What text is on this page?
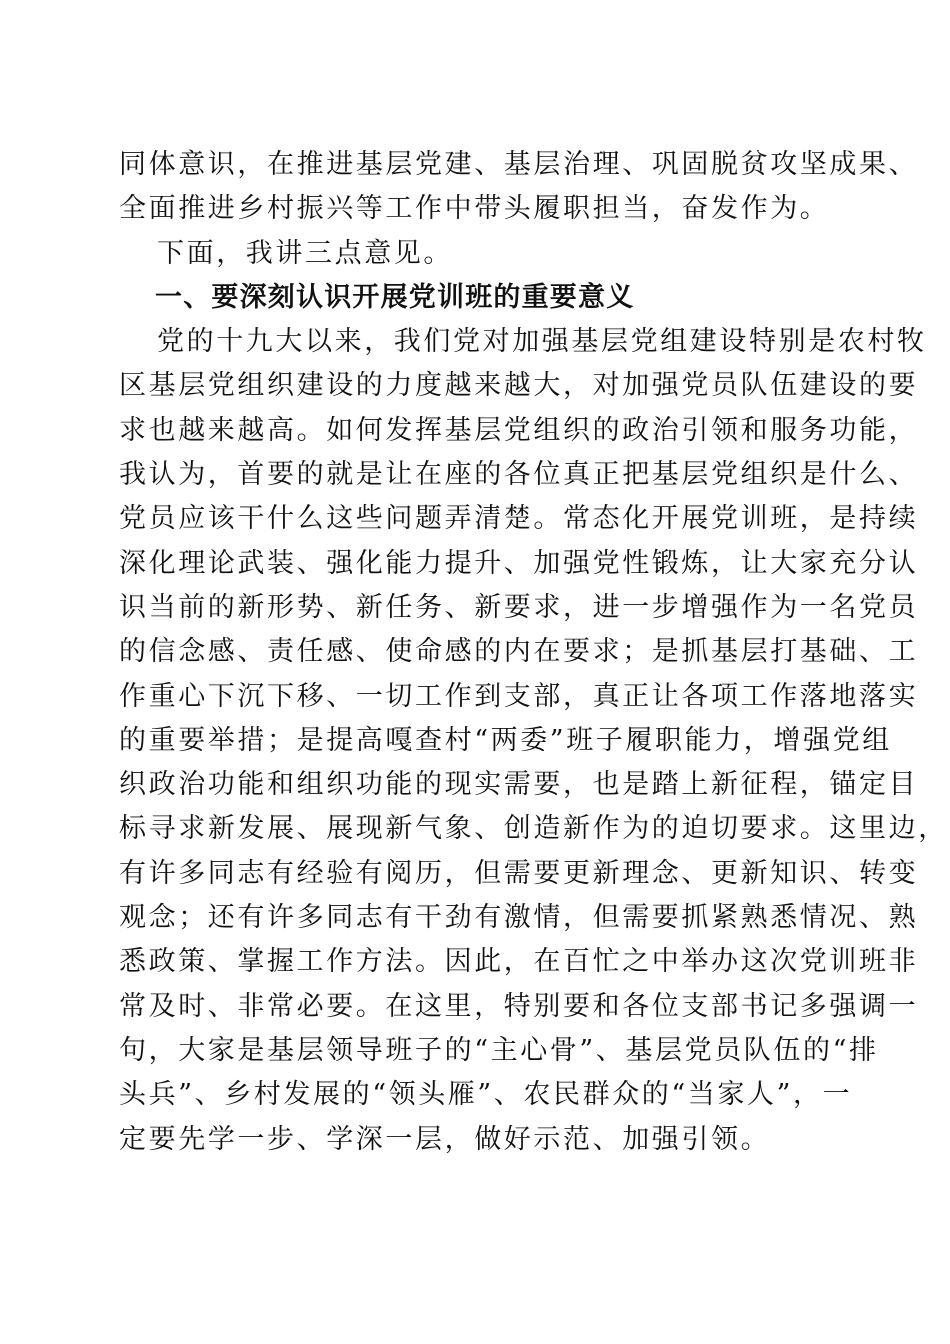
同体意识，在推进基层党建、基层治理、巩固脱贫攻坚成果、
全面推进乡村振兴等工作中带头履职担当，奋发作为。
下面，我讲三点意见。
一、要深刻认识开展党训班的重要意义
党的十九大以来，我们党对加强基层党组建设特别是农村牧
区基层党组织建设的力度越来越大，对加强党员队伍建设的要
求也越来越高。如何发挥基层党组织的政治引领和服务功能，
我认为，首要的就是让在座的各位真正把基层党组织是什么、
党员应该干什么这些问题弄清楚。常态化开展党训班，是持续
深化理论武装、强化能力提升、加强党性锻炼，让大家充分认
识当前的新形势、新任务、新要求，进一步增强作为一名党员
的信念感、责任感、使命感的内在要求；是抓基层打基础、工
作重心下沉下移、一切工作到支部，真正让各项工作落地落实
的重要举措；是提高嘎查村“两委”班子履职能力，增强党组
织政治功能和组织功能的现实需要，也是踏上新征程，锚定目
标寻求新发展、展现新气象、创造新作为的迫切要求。这里边，
有许多同志有经验有阅历，但需要更新理念、更新知识、转变
观念；还有许多同志有干劲有激情，但需要抓紧熟悉情况、熟
悉政策、掌握工作方法。因此，在百忙之中举办这次党训班非
常及时、非常必要。在这里，特别要和各位支部书记多强调一
句，大家是基层领导班子的“主心骨”、基层党员队伍的“排
头兵”、乡村发展的“领头雁”、农民群众的“当家人”，一
定要先学一步、学深一层，做好示范、加强引领。
